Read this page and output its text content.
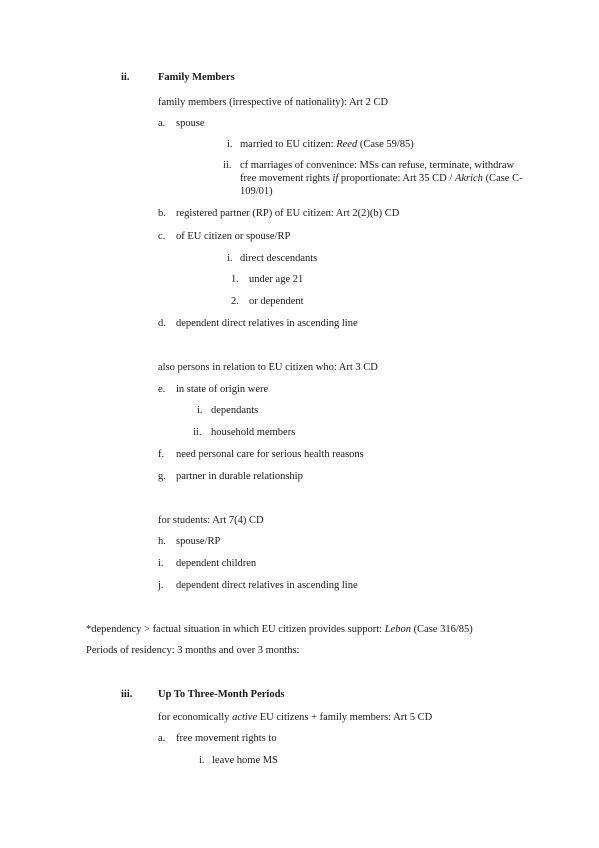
ii.	Family Members
family members (irrespective of nationality): Art 2 CD
a. spouse
i. married to EU citizen: Reed (Case 59/85)
ii. cf marriages of convenince: MSs can refuse, terminate, withdraw
free movement rights if proportionate: Art 35 CD / Akrich (Case C-
109/01)
b. registered partner (RP) of EU citizen: Art 2(2)(b) CD
c. of EU citizen or spouse/RP
i. direct descendants
1. under age 21
2. or dependent
d. dependent direct relatives in ascending line
also persons in relation to EU citizen who: Art 3 CD
e. in state of origin were
i. dependants
ii. household members
f. need personal care for serious health reasons
g. partner in durable relationship
for students: Art 7(4) CD
h. spouse/RP
i. dependent children
j. dependent direct relatives in ascending line
*dependency > factual situation in which EU citizen provides support: Lebon (Case 316/85)
Periods of residency: 3 months and over 3 months:
iii. Up To Three-Month Periods
for economically active EU citizens + family members: Art 5 CD
a. free movement rights to
i. leave home MS
